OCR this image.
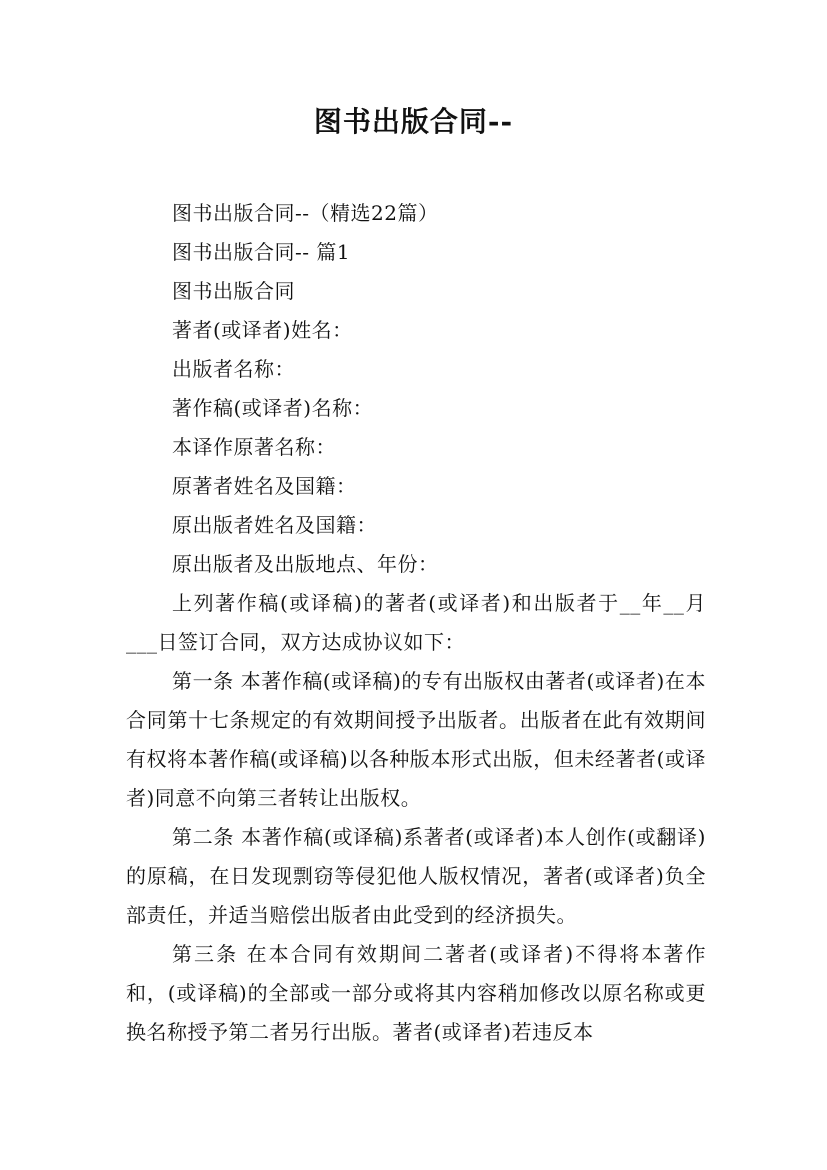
图书出版合同--

图书出版合同--（精选22篇）

图书出版合同-- 篇1

图书出版合同

著者(或译者)姓名：

出版者名称：

著作稿(或译者)名称：

本译作原著名称：

原著者姓名及国籍：

原出版者姓名及国籍：

原出版者及出版地点、年份：

上列著作稿(或译稿)的著者(或译者)和出版者于__年__月___日签订合同，双方达成协议如下：

第一条 本著作稿(或译稿)的专有出版权由著者(或译者)在本合同第十七条规定的有效期间授予出版者。出版者在此有效期间有权将本著作稿(或译稿)以各种版本形式出版，但未经著者(或译者)同意不向第三者转让出版权。

第二条 本著作稿(或译稿)系著者(或译者)本人创作(或翻译)的原稿，在日发现剽窃等侵犯他人版权情况，著者(或译者)负全部责任，并适当赔偿出版者由此受到的经济损失。

第三条 在本合同有效期间二著者(或译者)不得将本著作和，(或译稿)的全部或一部分或将其内容稍加修改以原名称或更换名称授予第二者另行出版。著者(或译者)若违反本
